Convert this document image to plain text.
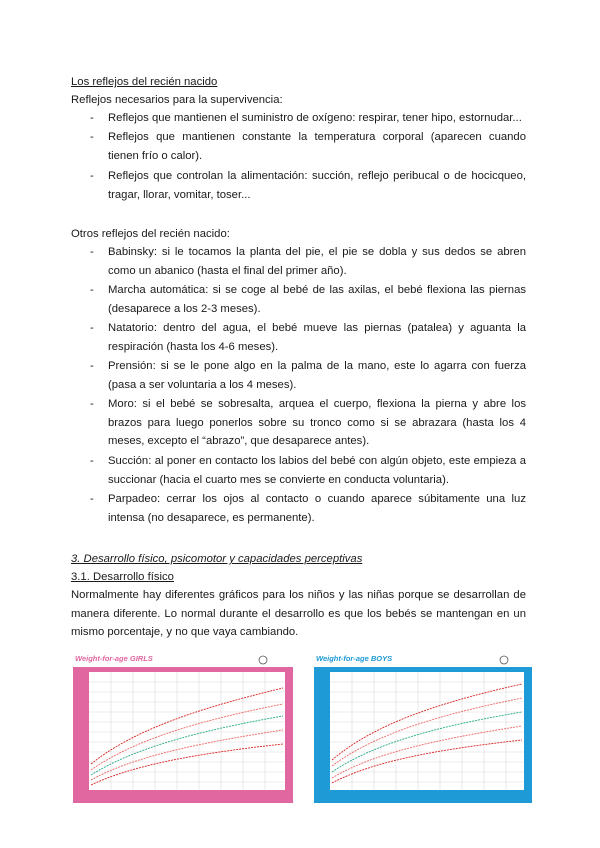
Los reflejos del recién nacido
Reflejos necesarios para la supervivencia:
- Reflejos que mantienen el suministro de oxígeno: respirar, tener hipo, estornudar...
- Reflejos que mantienen constante la temperatura corporal (aparecen cuando tienen frío o calor).
- Reflejos que controlan la alimentación: succión, reflejo peribucal o de hocicqueo, tragar, llorar, vomitar, toser...
Otros reflejos del recién nacido:
- Babinsky: si le tocamos la planta del pie, el pie se dobla y sus dedos se abren como un abanico (hasta el final del primer año).
- Marcha automática: si se coge al bebé de las axilas, el bebé flexiona las piernas (desaparece a los 2-3 meses).
- Natatorio: dentro del agua, el bebé mueve las piernas (patalea) y aguanta la respiración (hasta los 4-6 meses).
- Prensión: si se le pone algo en la palma de la mano, este lo agarra con fuerza (pasa a ser voluntaria a los 4 meses).
- Moro: si el bebé se sobresalta, arquea el cuerpo, flexiona la pierna y abre los brazos para luego ponerlos sobre su tronco como si se abrazara (hasta los 4 meses, excepto el “abrazo”, que desaparece antes).
- Succión: al poner en contacto los labios del bebé con algún objeto, este empieza a succionar (hacia el cuarto mes se convierte en conducta voluntaria).
- Parpadeo: cerrar los ojos al contacto o cuando aparece súbitamente una luz intensa (no desaparece, es permanente).
3. Desarrollo físico, psicomotor y capacidades perceptivas
3.1. Desarrollo físico
Normalmente hay diferentes gráficos para los niños y las niñas porque se desarrollan de manera diferente. Lo normal durante el desarrollo es que los bebés se mantengan en un mismo porcentaje, y no que vaya cambiando.
Weight-for-age GIRLS	Weight-for-age BOYS
